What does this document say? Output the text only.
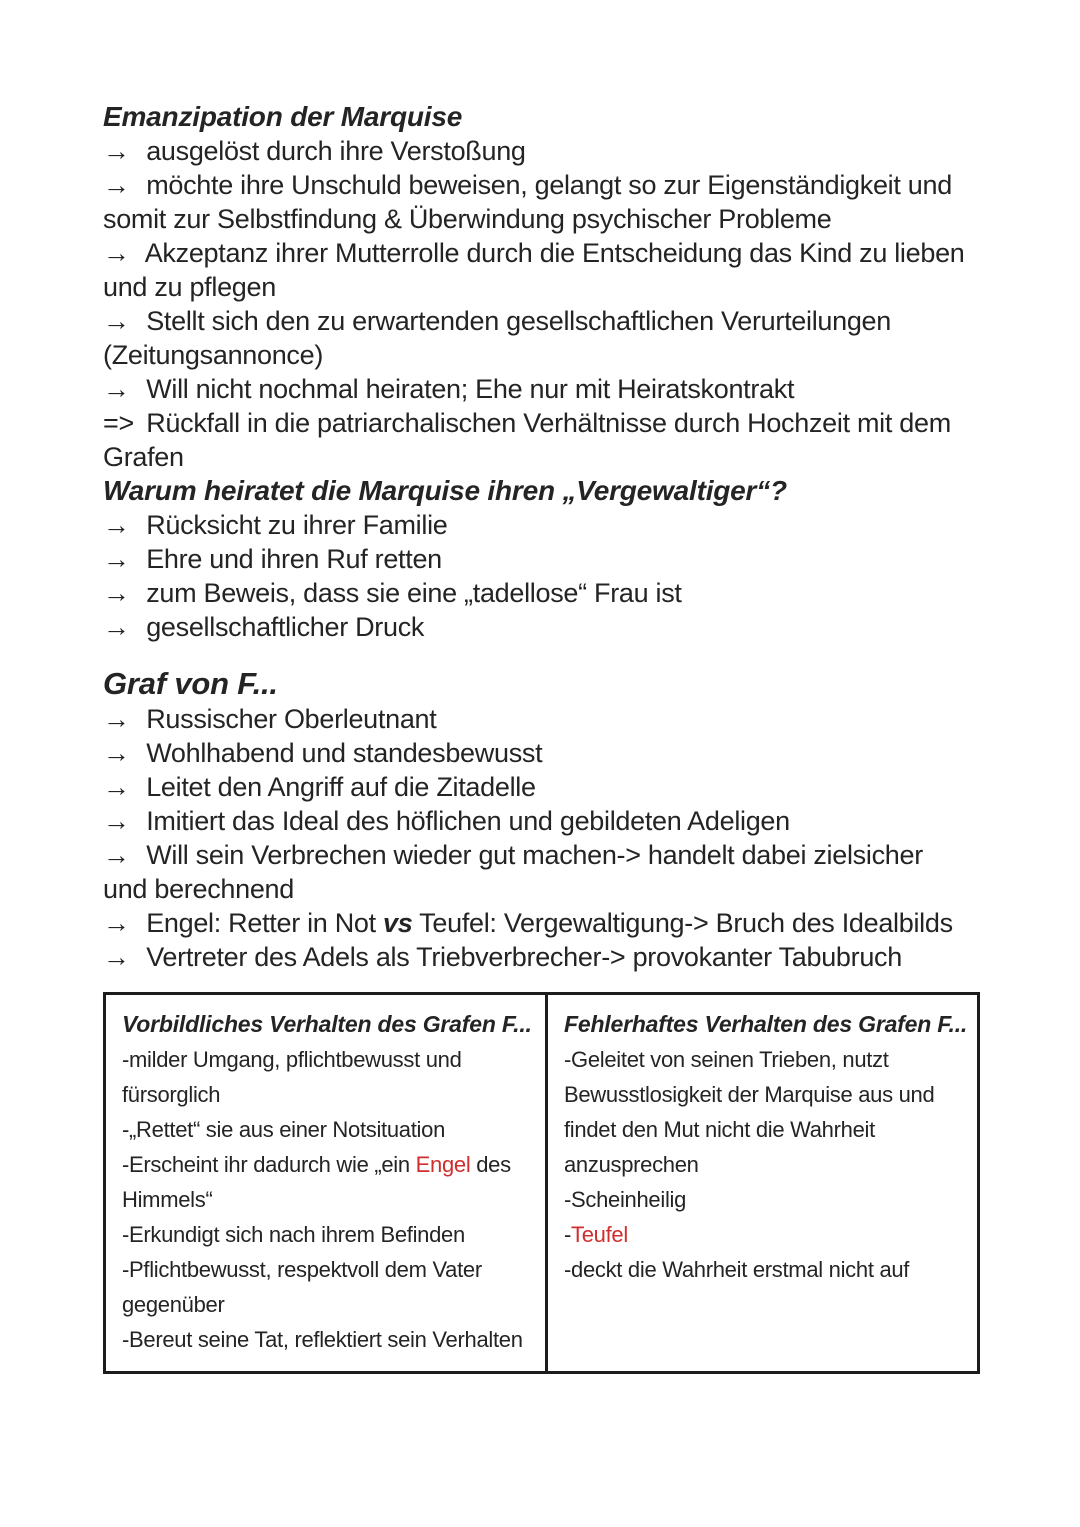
Emanzipation der Marquise
→ ausgelöst durch ihre Verstoßung
→ möchte ihre Unschuld beweisen, gelangt so zur Eigenständigkeit und
somit zur Selbstfindung & Überwindung psychischer Probleme
→ Akzeptanz ihrer Mutterrolle durch die Entscheidung das Kind zu lieben
und zu pflegen
→ Stellt sich den zu erwartenden gesellschaftlichen Verurteilungen
(Zeitungsannonce)
→ Will nicht nochmal heiraten; Ehe nur mit Heiratskontrakt
=> Rückfall in die patriarchalischen Verhältnisse durch Hochzeit mit dem
Grafen
Warum heiratet die Marquise ihren „Vergewaltiger“?
→ Rücksicht zu ihrer Familie
→ Ehre und ihren Ruf retten
→ zum Beweis, dass sie eine „tadellose“ Frau ist
→ gesellschaftlicher Druck
Graf von F...
→ Russischer Oberleutnant
→ Wohlhabend und standesbewusst
→ Leitet den Angriff auf die Zitadelle
→ Imitiert das Ideal des höflichen und gebildeten Adeligen
→ Will sein Verbrechen wieder gut machen-> handelt dabei zielsicher
und berechnend
→ Engel: Retter in Not vs Teufel: Vergewaltigung-> Bruch des Idealbilds
→ Vertreter des Adels als Triebverbrecher-> provokanter Tabubruch
Vorbildliches Verhalten des Grafen F...
-milder Umgang, pflichtbewusst und
fürsorglich
-„Rettet“ sie aus einer Notsituation
-Erscheint ihr dadurch wie „ein Engel des
Himmels“
-Erkundigt sich nach ihrem Befinden
-Pflichtbewusst, respektvoll dem Vater
gegenüber
-Bereut seine Tat, reflektiert sein Verhalten

Fehlerhaftes Verhalten des Grafen F...
-Geleitet von seinen Trieben, nutzt
Bewusstlosigkeit der Marquise aus und
findet den Mut nicht die Wahrheit
anzusprechen
-Scheinheilig
-Teufel
-deckt die Wahrheit erstmal nicht auf
